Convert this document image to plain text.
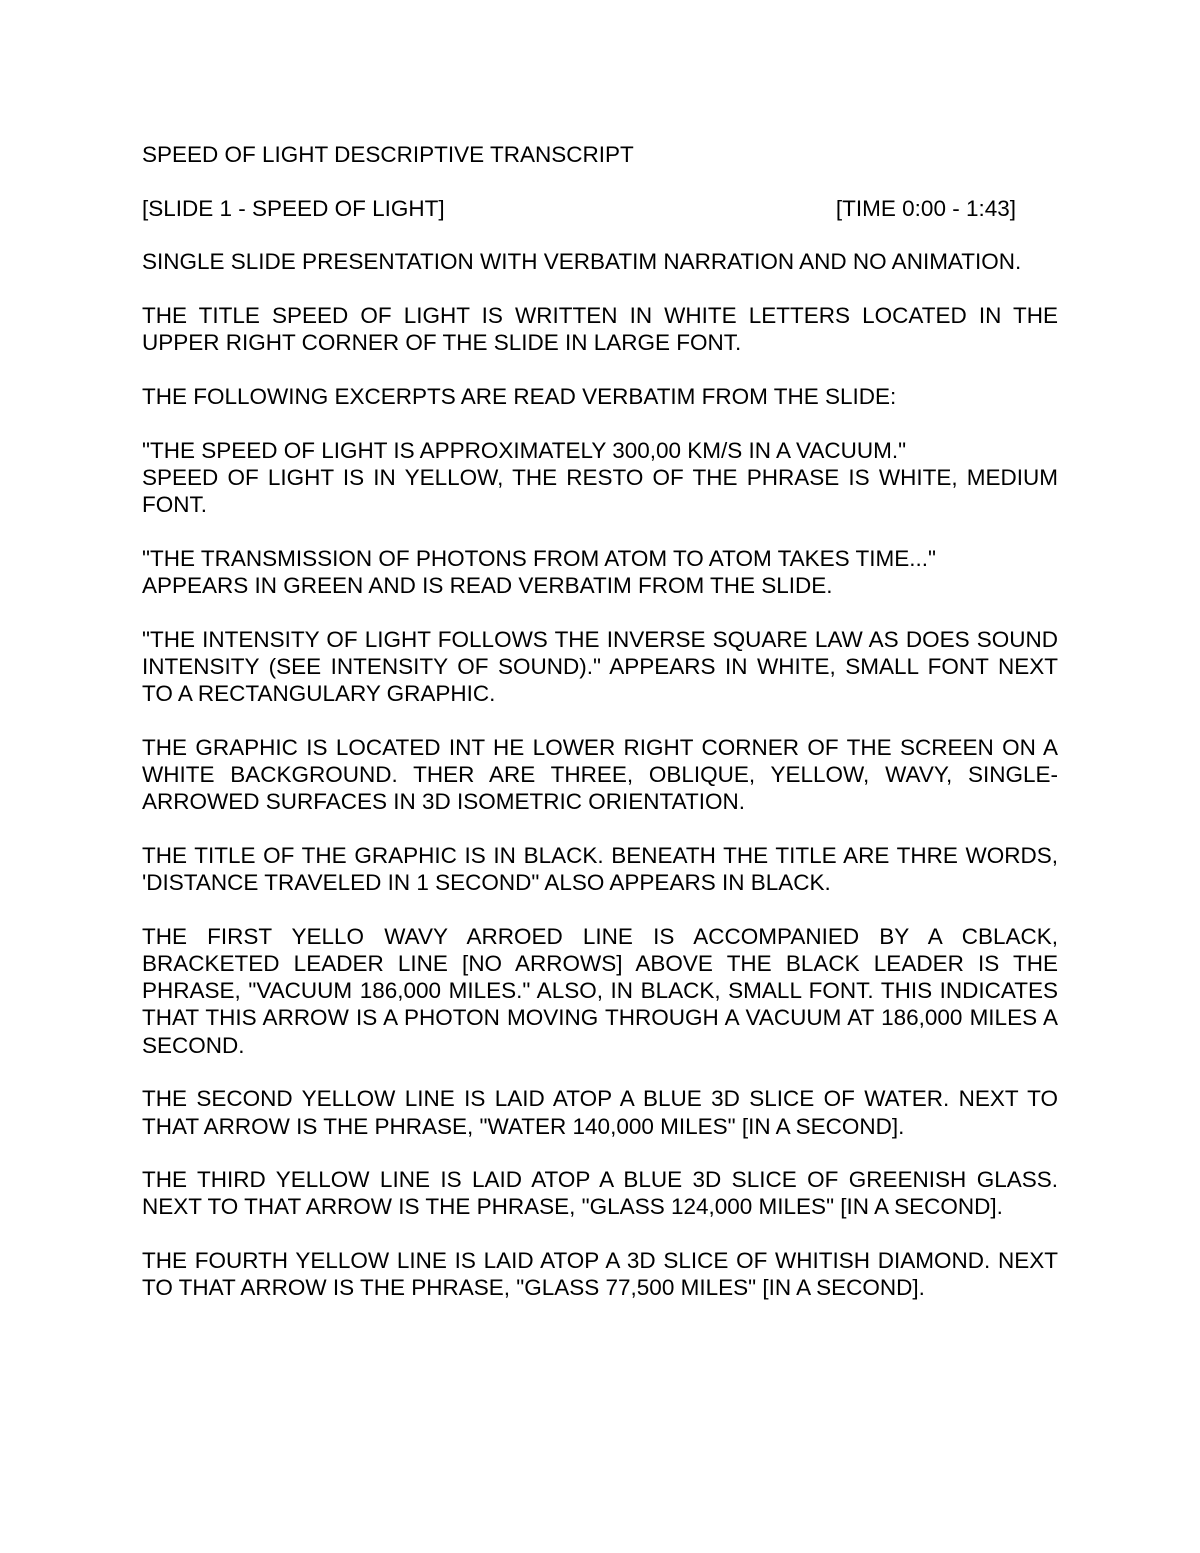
SPEED OF LIGHT DESCRIPTIVE TRANSCRIPT
[SLIDE 1 - SPEED OF LIGHT]	[TIME 0:00 - 1:43]
SINGLE SLIDE PRESENTATION WITH VERBATIM NARRATION AND NO ANIMATION.
THE TITLE SPEED OF LIGHT IS WRITTEN IN WHITE LETTERS LOCATED IN THE UPPER RIGHT CORNER OF THE SLIDE IN LARGE FONT.
THE FOLLOWING EXCERPTS ARE READ VERBATIM FROM THE SLIDE:
"THE SPEED OF LIGHT IS APPROXIMATELY 300,00 KM/S IN A VACUUM."
SPEED OF LIGHT IS IN YELLOW, THE RESTO OF THE PHRASE IS WHITE, MEDIUM FONT.
"THE TRANSMISSION OF PHOTONS FROM ATOM TO ATOM TAKES TIME..."
APPEARS IN GREEN AND IS READ VERBATIM FROM THE SLIDE.
"THE INTENSITY OF LIGHT FOLLOWS THE INVERSE SQUARE LAW AS DOES SOUND INTENSITY (SEE INTENSITY OF SOUND)." APPEARS IN WHITE, SMALL FONT NEXT TO A RECTANGULARY GRAPHIC.
THE GRAPHIC IS LOCATED INT HE LOWER RIGHT CORNER OF THE SCREEN ON A WHITE BACKGROUND. THER ARE THREE, OBLIQUE, YELLOW, WAVY, SINGLE-ARROWED SURFACES IN 3D ISOMETRIC ORIENTATION.
THE TITLE OF THE GRAPHIC IS IN BLACK. BENEATH THE TITLE ARE THRE WORDS, 'DISTANCE TRAVELED IN 1 SECOND" ALSO APPEARS IN BLACK.
THE FIRST YELLO WAVY ARROED LINE IS ACCOMPANIED BY A CBLACK, BRACKETED LEADER LINE [NO ARROWS] ABOVE THE BLACK LEADER IS THE PHRASE, "VACUUM 186,000 MILES." ALSO, IN BLACK, SMALL FONT. THIS INDICATES THAT THIS ARROW IS A PHOTON MOVING THROUGH A VACUUM AT 186,000 MILES A SECOND.
THE SECOND YELLOW LINE IS LAID ATOP A BLUE 3D SLICE OF WATER. NEXT TO THAT ARROW IS THE PHRASE, "WATER 140,000 MILES" [IN A SECOND].
THE THIRD YELLOW LINE IS LAID ATOP A BLUE 3D SLICE OF GREENISH GLASS. NEXT TO THAT ARROW IS THE PHRASE, "GLASS 124,000 MILES" [IN A SECOND].
THE FOURTH YELLOW LINE IS LAID ATOP A 3D SLICE OF WHITISH DIAMOND. NEXT TO THAT ARROW IS THE PHRASE, "GLASS 77,500 MILES" [IN A SECOND].
